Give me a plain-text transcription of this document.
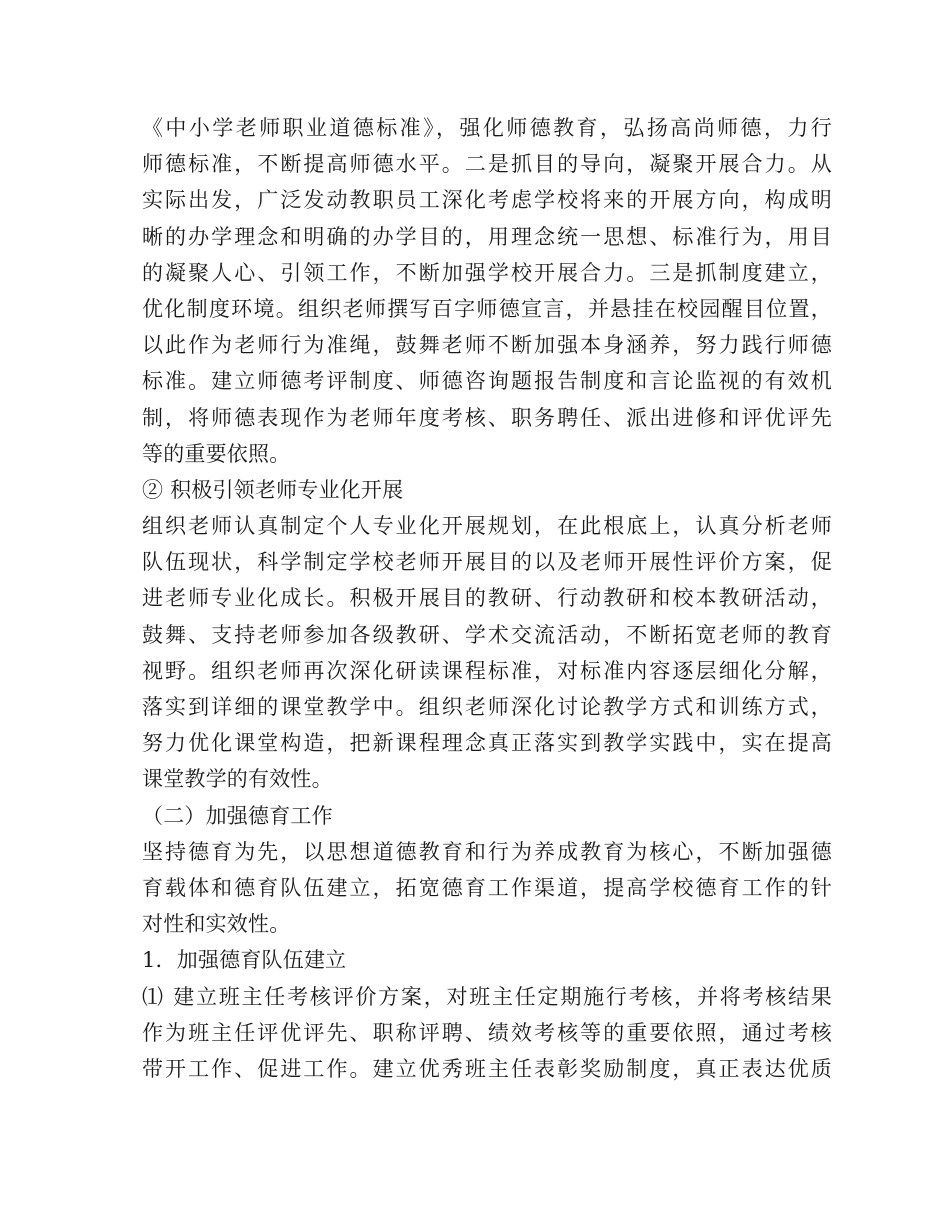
《中小学老师职业道德标准》，强化师德教育，弘扬高尚师德，力行
师德标准，不断提高师德水平。二是抓目的导向，凝聚开展合力。从
实际出发，广泛发动教职员工深化考虑学校将来的开展方向，构成明
晰的办学理念和明确的办学目的，用理念统一思想、标准行为，用目
的凝聚人心、引领工作，不断加强学校开展合力。三是抓制度建立，
优化制度环境。组织老师撰写百字师德宣言，并悬挂在校园醒目位置，
以此作为老师行为准绳，鼓舞老师不断加强本身涵养，努力践行师德
标准。建立师德考评制度、师德咨询题报告制度和言论监视的有效机
制，将师德表现作为老师年度考核、职务聘任、派出进修和评优评先
等的重要依照。
② 积极引领老师专业化开展
组织老师认真制定个人专业化开展规划，在此根底上，认真分析老师
队伍现状，科学制定学校老师开展目的以及老师开展性评价方案，促
进老师专业化成长。积极开展目的教研、行动教研和校本教研活动，
鼓舞、支持老师参加各级教研、学术交流活动，不断拓宽老师的教育
视野。组织老师再次深化研读课程标准，对标准内容逐层细化分解，
落实到详细的课堂教学中。组织老师深化讨论教学方式和训练方式，
努力优化课堂构造，把新课程理念真正落实到教学实践中，实在提高
课堂教学的有效性。
（二）加强德育工作
坚持德育为先，以思想道德教育和行为养成教育为核心，不断加强德
育载体和德育队伍建立，拓宽德育工作渠道，提高学校德育工作的针
对性和实效性。
1．加强德育队伍建立
⑴ 建立班主任考核评价方案，对班主任定期施行考核，并将考核结果
作为班主任评优评先、职称评聘、绩效考核等的重要依照，通过考核
带开工作、促进工作。建立优秀班主任表彰奖励制度，真正表达优质
